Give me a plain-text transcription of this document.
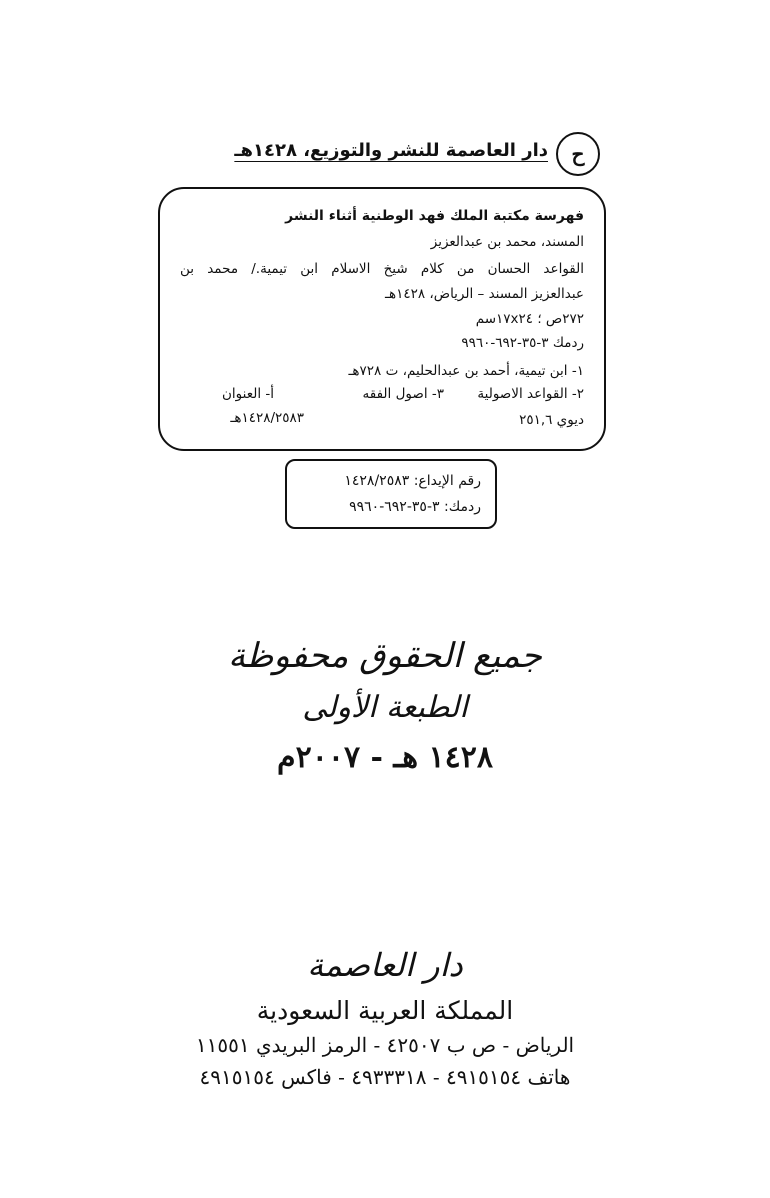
ح
دار العاصمة للنشر والتوزيع، ١٤٢٨هـ
فهرسة مكتبة الملك فهد الوطنية أثناء النشر
المسند، محمد بن عبدالعزيز
القواعد الحسان من كلام شيخ الاسلام ابن تيمية./ محمد بن
عبدالعزيز المسند – الرياض، ١٤٢٨هـ
٢٧٢ص ؛ ١٧x٢٤سم
ردمك ٣-٣٥-٦٩٢-٩٩٦٠
١- ابن تيمية، أحمد بن عبدالحليم، ت ٧٢٨هـ
٢- القواعد الاصولية
٣- اصول الفقه
أ- العنوان
ديوي ٢٥١,٦
١٤٢٨/٢٥٨٣هـ
رقم الإيداع: ١٤٢٨/٢٥٨٣
ردمك: ٣-٣٥-٦٩٢-٩٩٦٠
جميع الحقوق محفوظة
الطبعة الأولى
١٤٢٨ هـ - ٢٠٠٧م
دار العاصمة
المملكة العربية السعودية
الرياض - ص ب ٤٢٥٠٧ - الرمز البريدي ١١٥٥١
هاتف ٤٩١٥١٥٤ - ٤٩٣٣٣١٨ - فاكس ٤٩١٥١٥٤
